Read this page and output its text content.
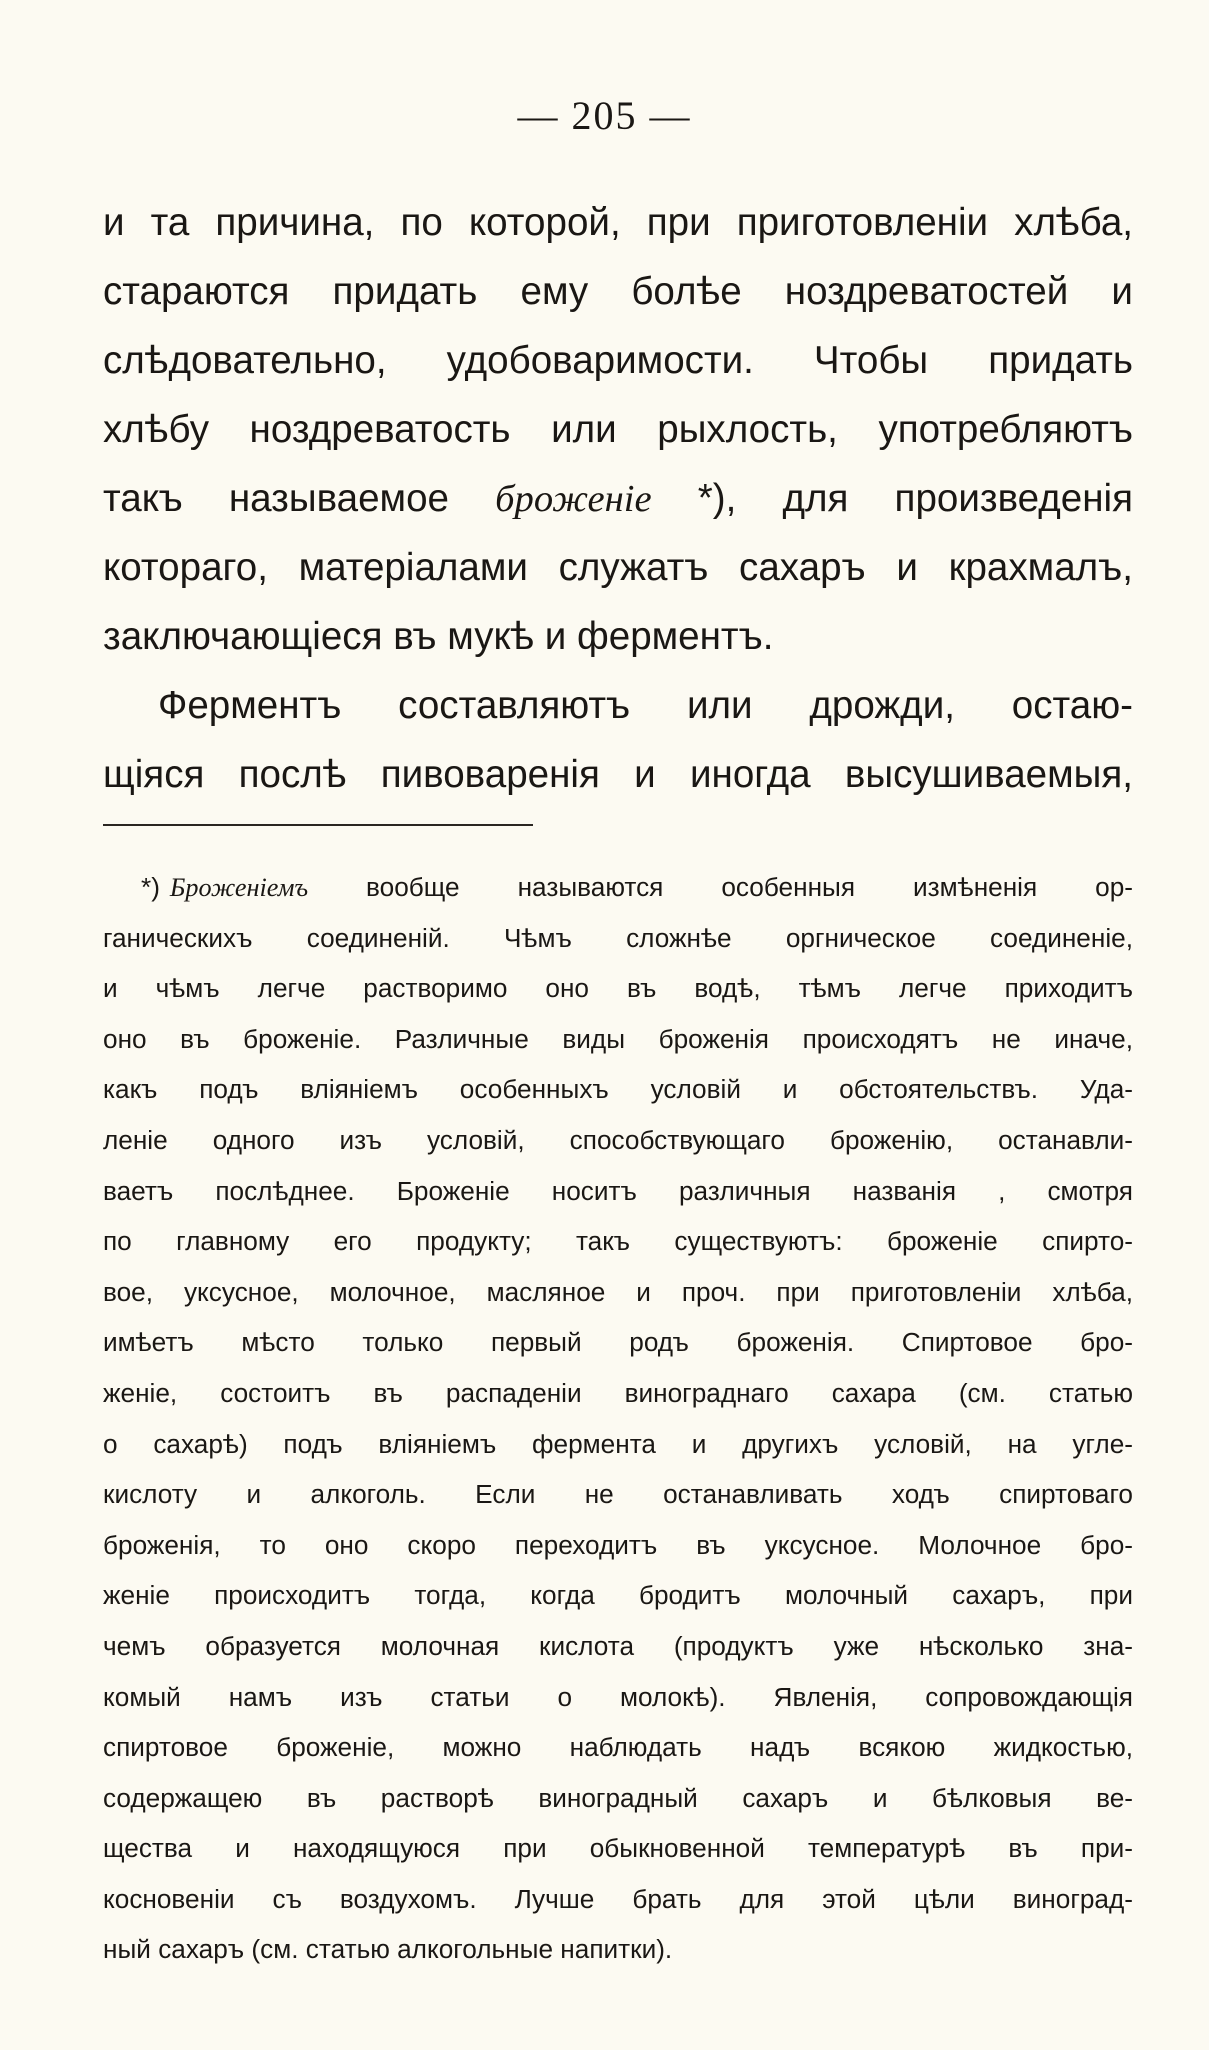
— 205 —
и та причина, по которой, при приготовленіи хлѣба,
стараются придать ему болѣе ноздреватостей и
слѣдовательно, удобоваримости. Чтобы придать
хлѣбу ноздреватость или рыхлость, употребляютъ
такъ называемое броженіе *), для произведенія
котораго, матеріалами служатъ сахаръ и крахмалъ,
заключающіеся въ мукѣ и ферментъ.
Ферментъ составляютъ или дрожди, остаю-
щіяся послѣ пивоваренія и иногда высушиваемыя,
*) Броженіемъ вообще называются особенныя измѣненія ор-
ганическихъ соединеній. Чѣмъ сложнѣе оргническое соединеніе,
и чѣмъ легче растворимо оно въ водѣ, тѣмъ легче приходитъ
оно въ броженіе. Различные виды броженія происходятъ не иначе,
какъ подъ вліяніемъ особенныхъ условій и обстоятельствъ. Уда-
леніе одного изъ условій, способствующаго броженію, останавли-
ваетъ послѣднее. Броженіе носитъ различныя названія , смотря
по главному его продукту; такъ существуютъ: броженіе спирто-
вое, уксусное, молочное, масляное и проч. при приготовленіи хлѣба,
имѣетъ мѣсто только первый родъ броженія. Спиртовое бро-
женіе, состоитъ въ распаденіи винограднаго сахара (см. статью
о сахарѣ) подъ вліяніемъ фермента и другихъ условій, на угле-
кислоту и алкоголь. Если не останавливать ходъ спиртоваго
броженія, то оно скоро переходитъ въ уксусное. Молочное бро-
женіе происходитъ тогда, когда бродитъ молочный сахаръ, при
чемъ образуется молочная кислота (продуктъ уже нѣсколько зна-
комый намъ изъ статьи о молокѣ). Явленія, сопровождающія
спиртовое броженіе, можно наблюдать надъ всякою жидкостью,
содержащею въ растворѣ виноградный сахаръ и бѣлковыя ве-
щества и находящуюся при обыкновенной температурѣ въ при-
косновеніи съ воздухомъ. Лучше брать для этой цѣли виноград-
ный сахаръ (см. статью алкогольные напитки).
